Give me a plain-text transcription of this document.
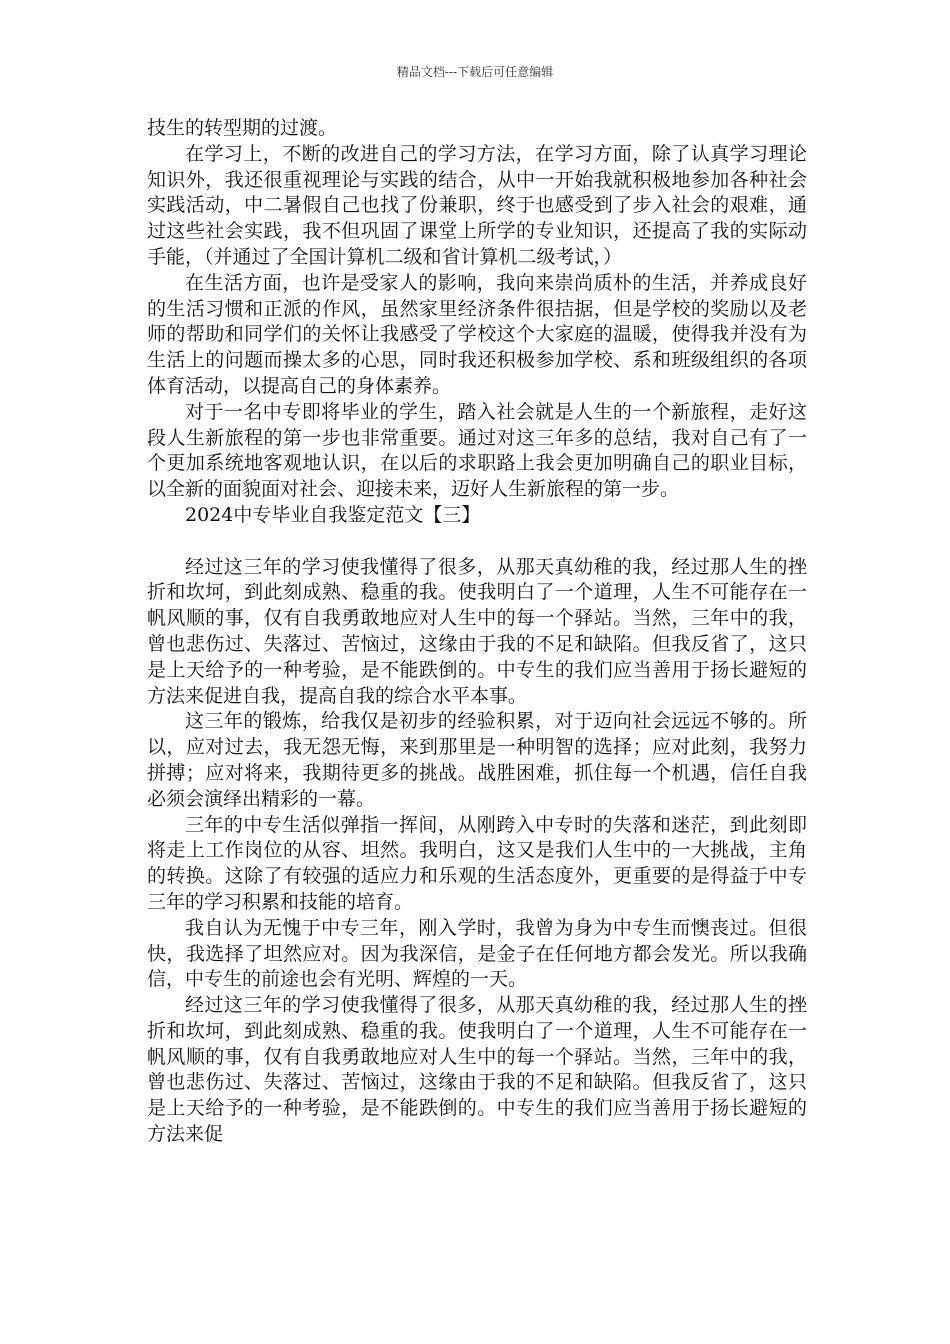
精品文档---下载后可任意编辑

技生的转型期的过渡。

在学习上，不断的改进自己的学习方法，在学习方面，除了认真学习理论知识外，我还很重视理论与实践的结合，从中一开始我就积极地参加各种社会实践活动，中二暑假自己也找了份兼职，终于也感受到了步入社会的艰难，通过这些社会实践，我不但巩固了课堂上所学的专业知识，还提高了我的实际动手能，（并通过了全国计算机二级和省计算机二级考试，）

在生活方面，也许是受家人的影响，我向来崇尚质朴的生活，并养成良好的生活习惯和正派的作风，虽然家里经济条件很拮据，但是学校的奖励以及老师的帮助和同学们的关怀让我感受了学校这个大家庭的温暖，使得我并没有为生活上的问题而操太多的心思，同时我还积极参加学校、系和班级组织的各项体育活动，以提高自己的身体素养。

对于一名中专即将毕业的学生，踏入社会就是人生的一个新旅程，走好这段人生新旅程的第一步也非常重要。通过对这三年多的总结，我对自己有了一个更加系统地客观地认识，在以后的求职路上我会更加明确自己的职业目标，以全新的面貌面对社会、迎接未来，迈好人生新旅程的第一步。

2024中专毕业自我鉴定范文【三】

经过这三年的学习使我懂得了很多，从那天真幼稚的我，经过那人生的挫折和坎坷，到此刻成熟、稳重的我。使我明白了一个道理，人生不可能存在一帆风顺的事，仅有自我勇敢地应对人生中的每一个驿站。当然，三年中的我，曾也悲伤过、失落过、苦恼过，这缘由于我的不足和缺陷。但我反省了，这只是上天给予的一种考验，是不能跌倒的。中专生的我们应当善用于扬长避短的方法来促进自我，提高自我的综合水平本事。

这三年的锻炼，给我仅是初步的经验积累，对于迈向社会远远不够的。所以，应对过去，我无怨无悔，来到那里是一种明智的选择；应对此刻，我努力拼搏；应对将来，我期待更多的挑战。战胜困难，抓住每一个机遇，信任自我必须会演绎出精彩的一幕。

三年的中专生活似弹指一挥间，从刚跨入中专时的失落和迷茫，到此刻即将走上工作岗位的从容、坦然。我明白，这又是我们人生中的一大挑战，主角的转换。这除了有较强的适应力和乐观的生活态度外，更重要的是得益于中专三年的学习积累和技能的培育。

我自认为无愧于中专三年，刚入学时，我曾为身为中专生而懊丧过。但很快，我选择了坦然应对。因为我深信，是金子在任何地方都会发光。所以我确信，中专生的前途也会有光明、辉煌的一天。

经过这三年的学习使我懂得了很多，从那天真幼稚的我，经过那人生的挫折和坎坷，到此刻成熟、稳重的我。使我明白了一个道理，人生不可能存在一帆风顺的事，仅有自我勇敢地应对人生中的每一个驿站。当然，三年中的我，曾也悲伤过、失落过、苦恼过，这缘由于我的不足和缺陷。但我反省了，这只是上天给予的一种考验，是不能跌倒的。中专生的我们应当善用于扬长避短的方法来促
